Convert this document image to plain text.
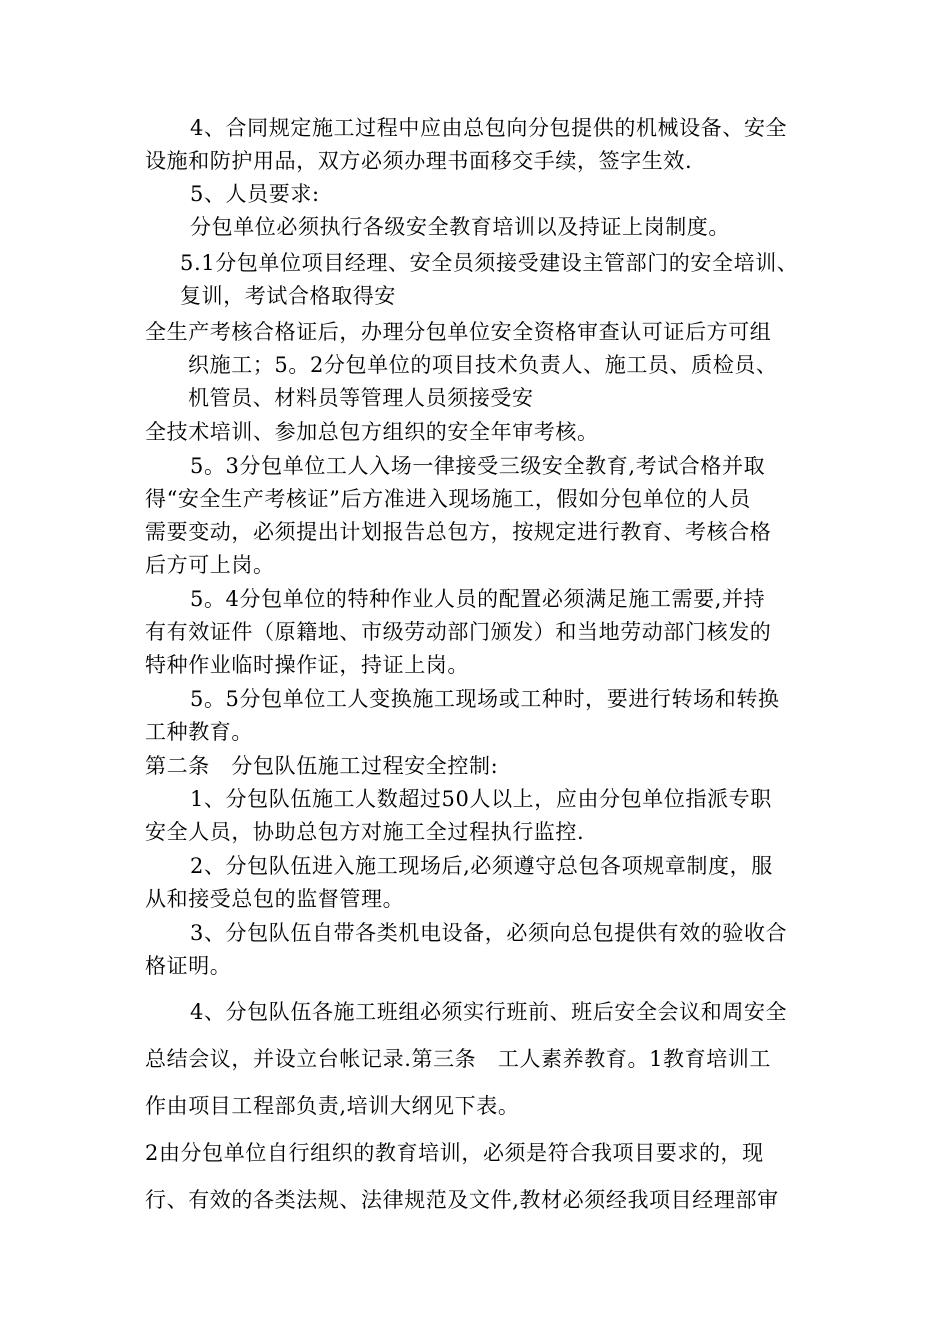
4、合同规定施工过程中应由总包向分包提供的机械设备、安全
设施和防护用品，双方必须办理书面移交手续，签字生效.
5、人员要求:
分包单位必须执行各级安全教育培训以及持证上岗制度。
5.1分包单位项目经理、安全员须接受建设主管部门的安全培训、
复训，考试合格取得安
全生产考核合格证后，办理分包单位安全资格审查认可证后方可组
织施工；5。2分包单位的项目技术负责人、施工员、质检员、
机管员、材料员等管理人员须接受安
全技术培训、参加总包方组织的安全年审考核。
5。3分包单位工人入场一律接受三级安全教育,考试合格并取
得“安全生产考核证”后方准进入现场施工，假如分包单位的人员
需要变动，必须提出计划报告总包方，按规定进行教育、考核合格
后方可上岗。
5。4分包单位的特种作业人员的配置必须满足施工需要,并持
有有效证件（原籍地、市级劳动部门颁发）和当地劳动部门核发的
特种作业临时操作证，持证上岗。
5。5分包单位工人变换施工现场或工种时，要进行转场和转换
工种教育。
第二条　分包队伍施工过程安全控制:
1、分包队伍施工人数超过50人以上，应由分包单位指派专职
安全人员，协助总包方对施工全过程执行监控.
2、分包队伍进入施工现场后,必须遵守总包各项规章制度，服
从和接受总包的监督管理。
3、分包队伍自带各类机电设备，必须向总包提供有效的验收合
格证明。
4、分包队伍各施工班组必须实行班前、班后安全会议和周安全
总结会议，并设立台帐记录.第三条　工人素养教育。1教育培训工
作由项目工程部负责,培训大纲见下表。
2由分包单位自行组织的教育培训，必须是符合我项目要求的，现
行、有效的各类法规、法律规范及文件,教材必须经我项目经理部审
